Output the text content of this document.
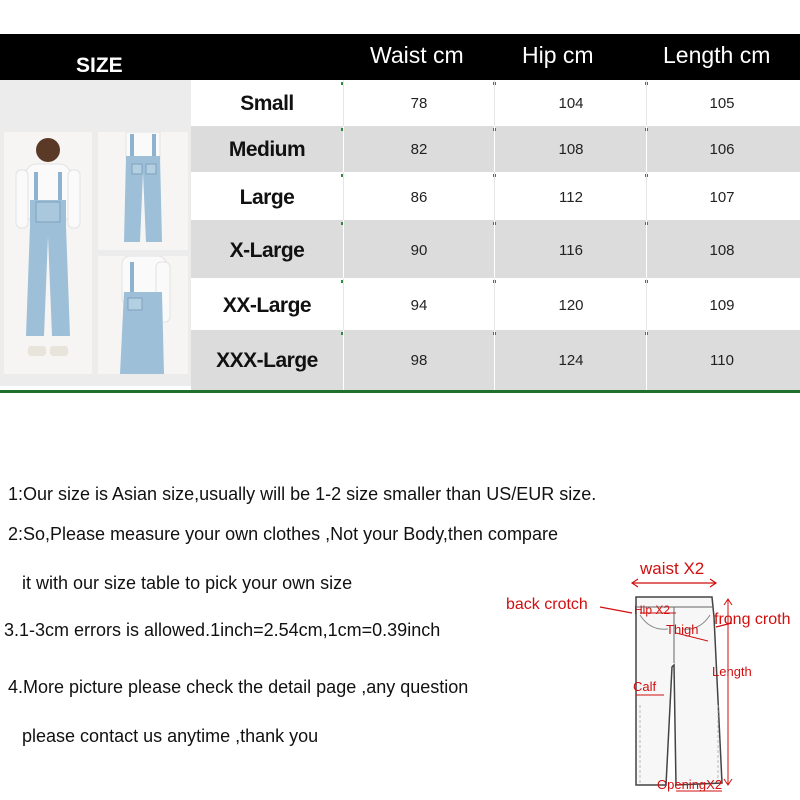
SIZE	Waist cm	Hip cm	Length cm
Small	78	104	105
Medium	82	108	106
Large	86	112	107
X-Large	90	116	108
XX-Large	94	120	109
XXX-Large	98	124	110
1:Our size is Asian size,usually will be 1-2 size smaller than US/EUR size.
2:So,Please measure your own clothes ,Not your Body,then compare
it with our size table to pick your own size
3.1-3cm errors is allowed.1inch=2.54cm,1cm=0.39inch
4.More picture please check the detail page ,any question
please contact us anytime ,thank you
waist X2
back crotch	Hip X2
Thigh
frong croth
Length
Calf
OpeningX2
